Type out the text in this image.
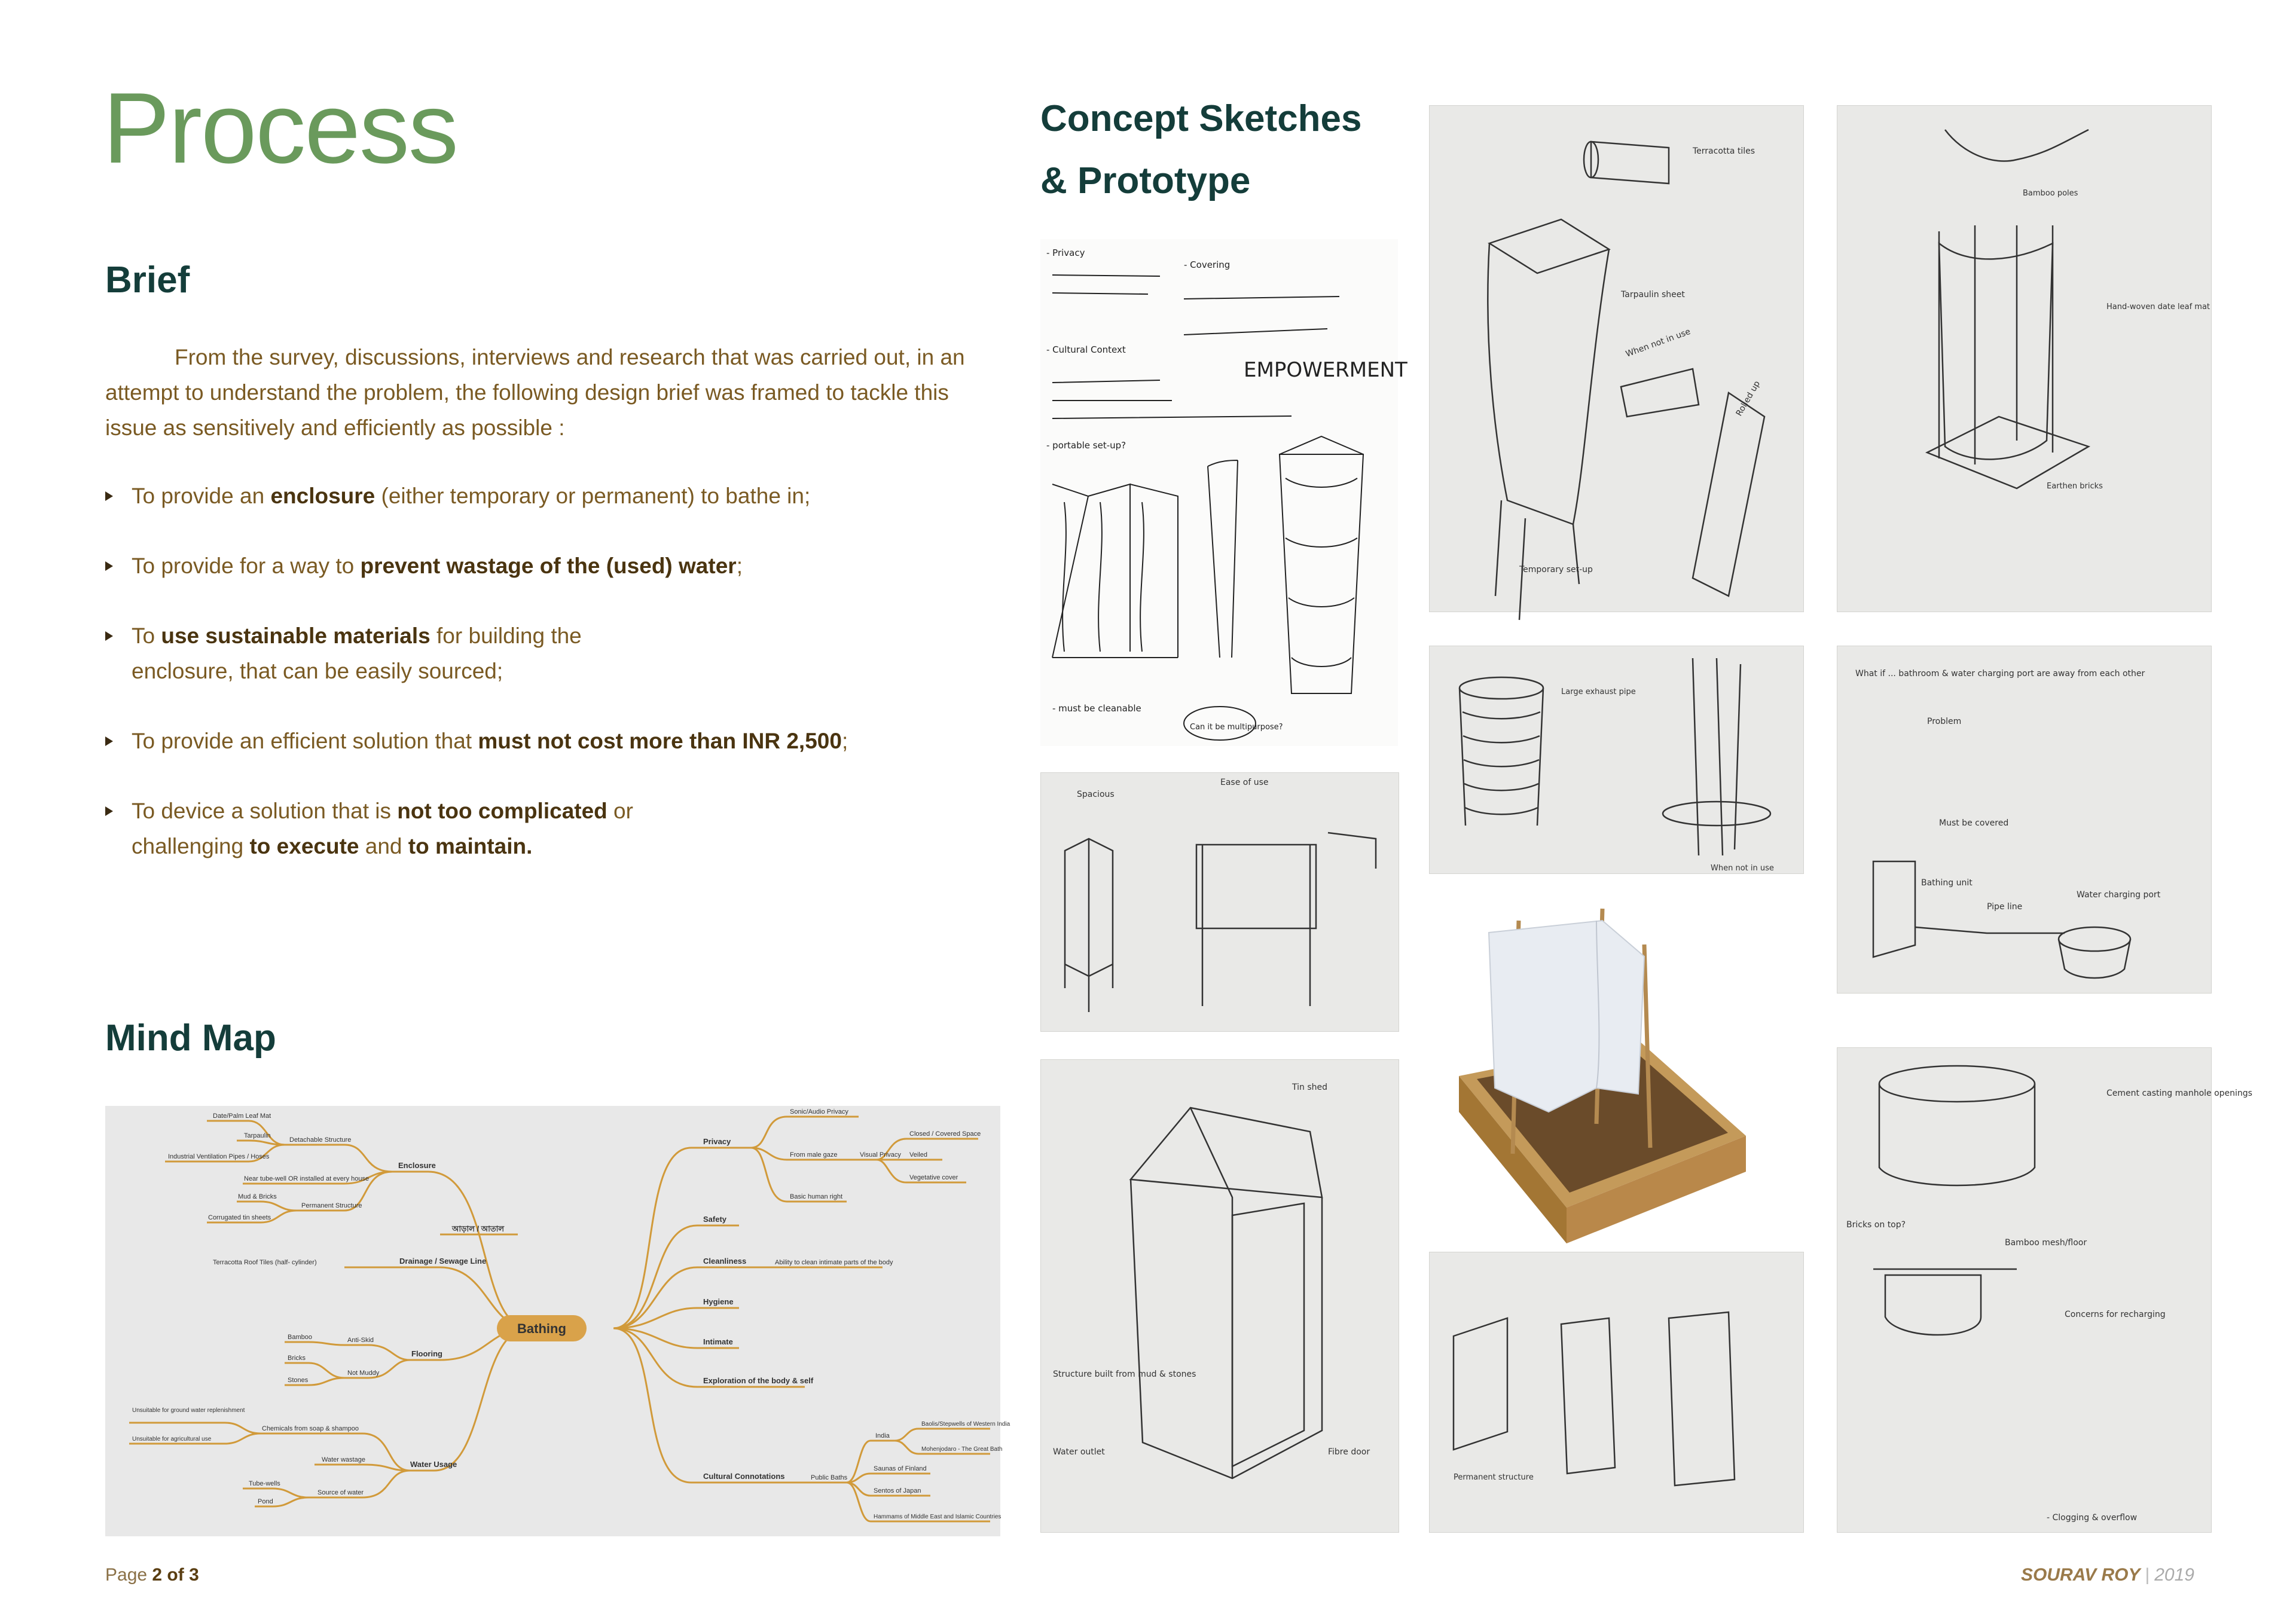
Process
Brief
From the survey, discussions, interviews and research that was carried out, in an attempt to understand the problem, the following design brief was framed to tackle this issue as sensitively and efficiently as possible :
To provide an enclosure (either temporary or permanent) to bathe in;
To provide for a way to prevent wastage of the (used) water;
To use sustainable materials for building the enclosure, that can be easily sourced;
To provide an efficient solution that must not cost more than INR 2,500;
To device a solution that is not too complicated or challenging to execute and to maintain.
Mind Map
Bathing
Enclosure
Drainage / Sewage Line
Flooring
Water Usage
আড়াল / আতাল
Detachable Structure
Date/Palm Leaf Mat
Tarpaulin
Industrial Ventilation Pipes / Hoses
Near tube-well OR installed at every house
Permanent Structure
Mud & Bricks
Corrugated tin sheets
Terracotta Roof Tiles (half- cylinder)
Anti-Skid
Not Muddy
Bamboo
Bricks
Stones
Chemicals from soap & shampoo
Unsuitable for ground water replenishment
Unsuitable for agricultural use
Water wastage
Source of water
Tube-wells
Pond
Privacy
Safety
Cleanliness
Hygiene
Intimate
Exploration of the body & self
Cultural Connotations
Sonic/Audio Privacy
From male gaze	Visual Privacy
Closed / Covered Space
Veiled
Vegetative cover
Basic human right
Ability to clean intimate parts of the body
Public Baths
India
Baolis/Stepwells of Western India
Mohenjodaro - The Great Bath
Saunas of Finland
Sentos of Japan
Hammams of Middle East and Islamic Countries
Concept Sketches
& Prototype
- Privacy
- Covering
- Cultural Context
EMPOWERMENT
- portable set-up?
- must be cleanable
Can it be multipurpose?
Terracotta tiles
Tarpaulin sheet
When not in use
Rolled up
Temporary set-up
Bamboo poles
Hand-woven date leaf mat
Earthen bricks
Spacious
Ease of use
Large exhaust pipe
When not in use
What if ... bathroom & water charging port are away from each other
Problem
Must be covered
Bathing unit
Pipe line
Water charging port
Tin shed
Structure built from mud & stones
Water outlet	Fibre door
Permanent structure
Cement casting manhole openings
Bricks on top?
Bamboo mesh/floor
Concerns for recharging
- Clogging & overflow
Page 2 of 3	SOURAV ROY | 2019
